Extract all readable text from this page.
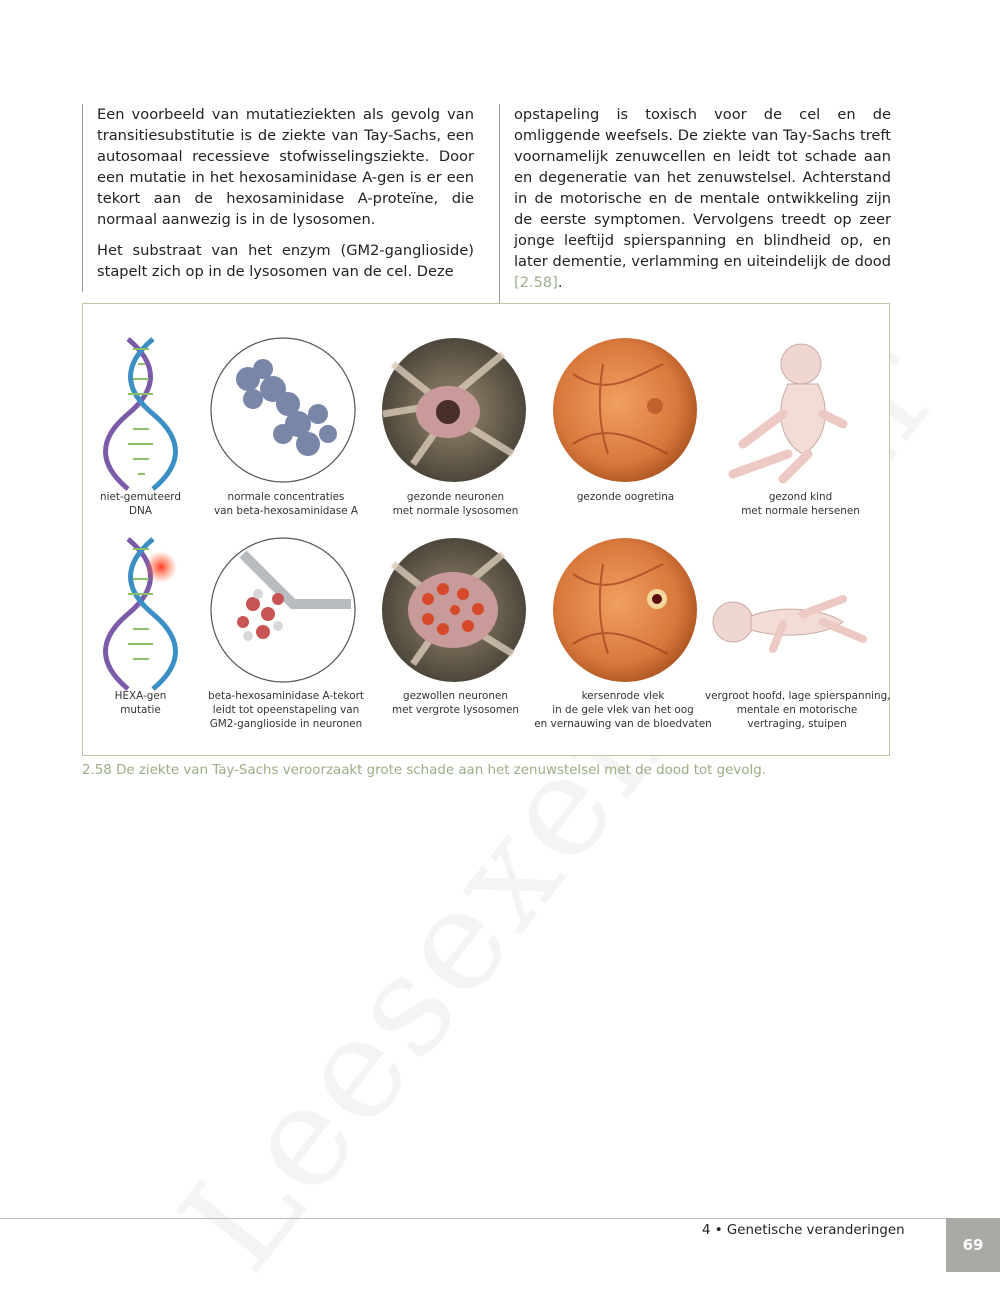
Een voorbeeld van mutatieziekten als gevolg van transitiesubstitutie is de ziekte van Tay-Sachs, een autosomaal recessieve stofwisselingsziekte. Door een mutatie in het hexosaminidase A-gen is er een tekort aan de hexosaminidase A-proteïne, die normaal aanwezig is in de lysosomen.

Het substraat van het enzym (GM2-ganglioside) stapelt zich op in de lysosomen van de cel. Deze

opstapeling is toxisch voor de cel en de omliggende weefsels. De ziekte van Tay-Sachs treft voornamelijk zenuwcellen en leidt tot schade aan en degeneratie van het zenuwstelsel. Achterstand in de motorische en de mentale ontwikkeling zijn de eerste symptomen. Vervolgens treedt op zeer jonge leeftijd spierspanning en blindheid op, en later dementie, verlamming en uiteindelijk de dood [2.58].

niet-gemuteerd
DNA
normale concentraties
van beta-hexosaminidase A
gezonde neuronen
met normale lysosomen
gezonde oogretina	gezond kind
met normale hersenen
HEXA-gen
mutatie
beta-hexosaminidase A-tekort
leidt tot opeenstapeling van
GM2-ganglioside in neuronen
gezwollen neuronen
met vergrote lysosomen
kersenrode vlek
in de gele vlek van het oog
en vernauwing van de bloedvaten
vergroot hoofd, lage spierspanning,
mentale en motorische
vertraging, stuipen
2.58 De ziekte van Tay-Sachs veroorzaakt grote schade aan het zenuwstelsel met de dood tot gevolg.
4 • Genetische veranderingen
69
